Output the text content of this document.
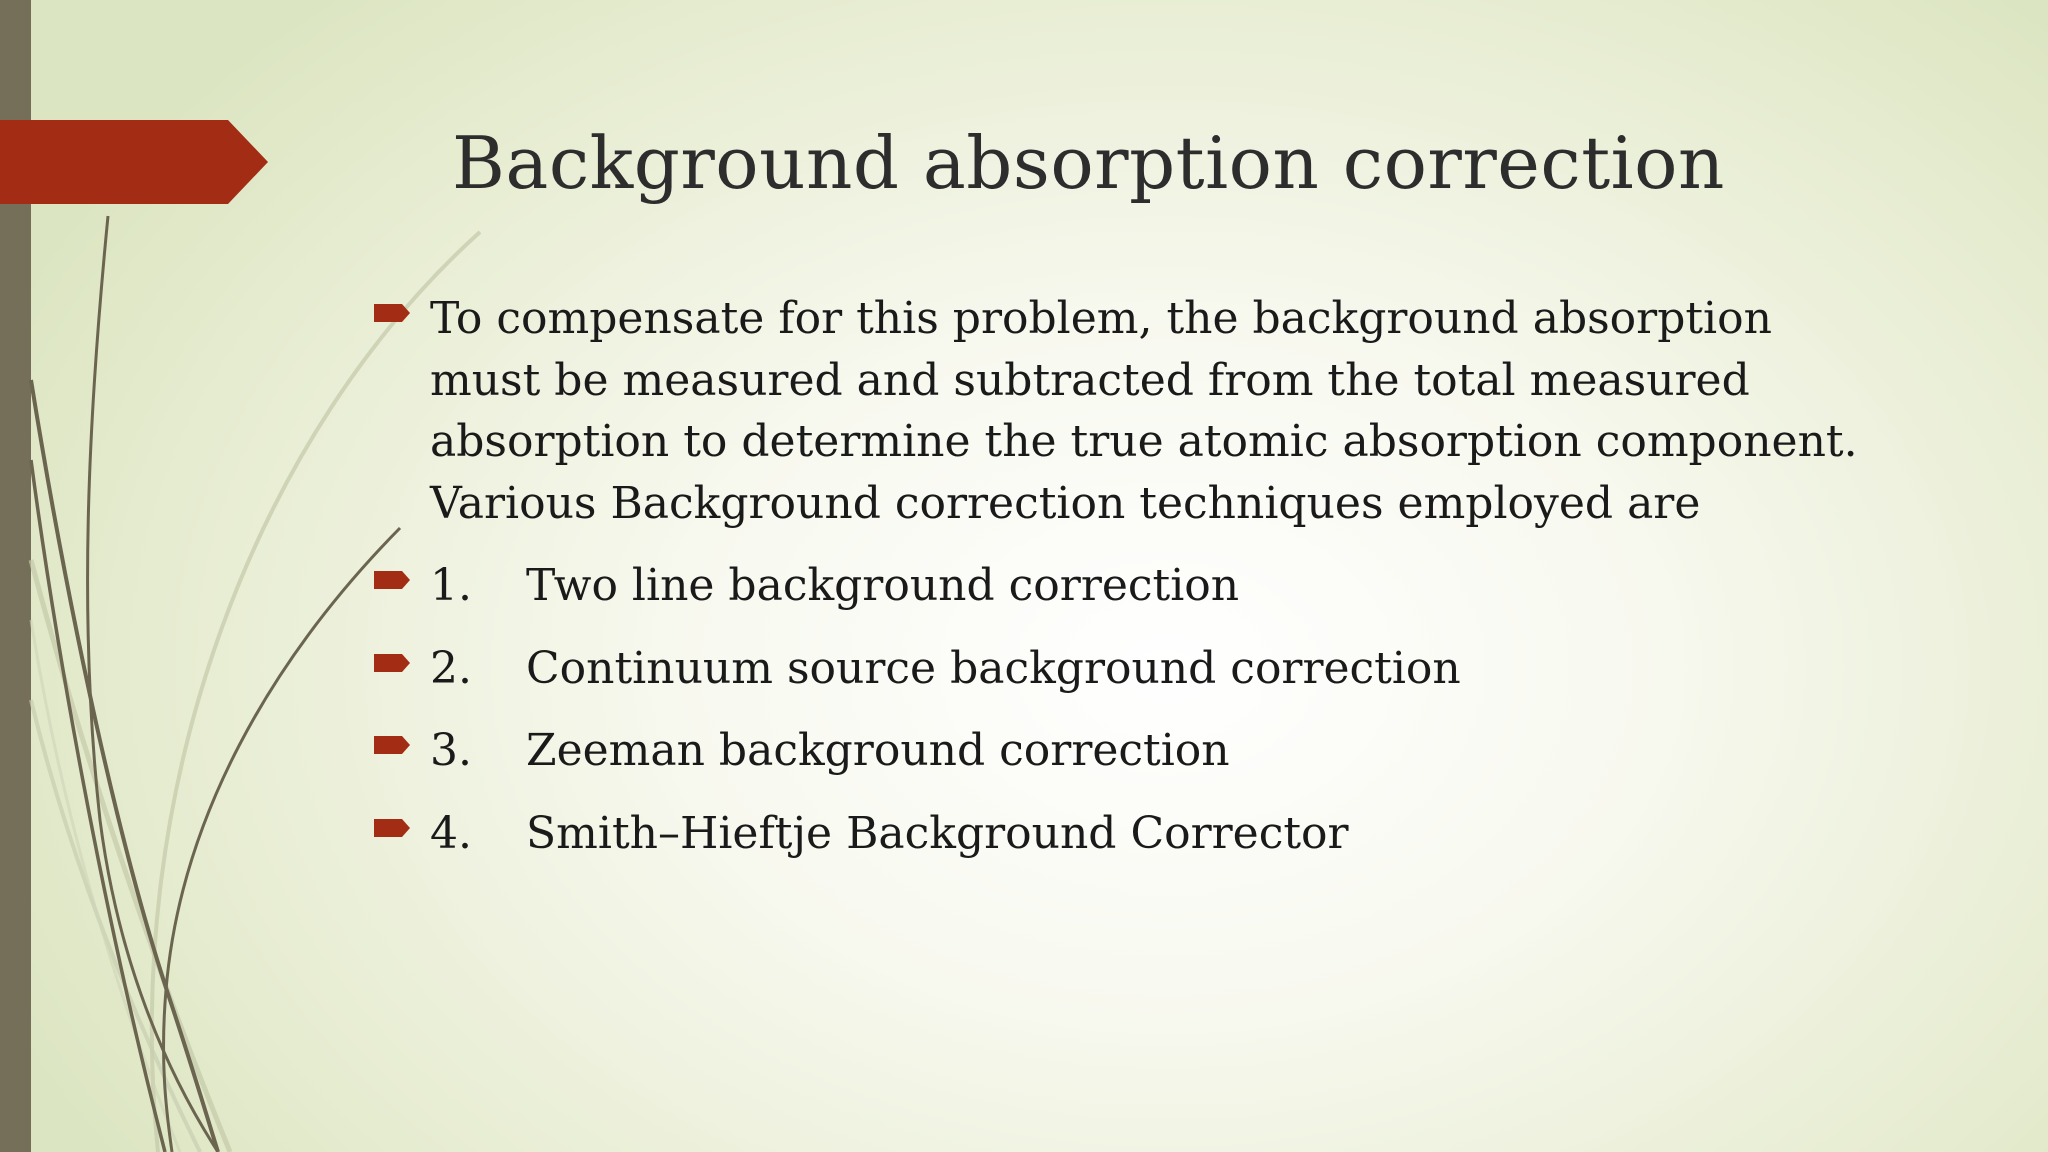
Background absorption correction
To compensate for this problem, the background absorption must be measured and subtracted from the total measured absorption to determine the true atomic absorption component. Various Background correction techniques employed are
1. Two line background correction
2. Continuum source background correction
3. Zeeman background correction
4. Smith–Hieftje Background Corrector
